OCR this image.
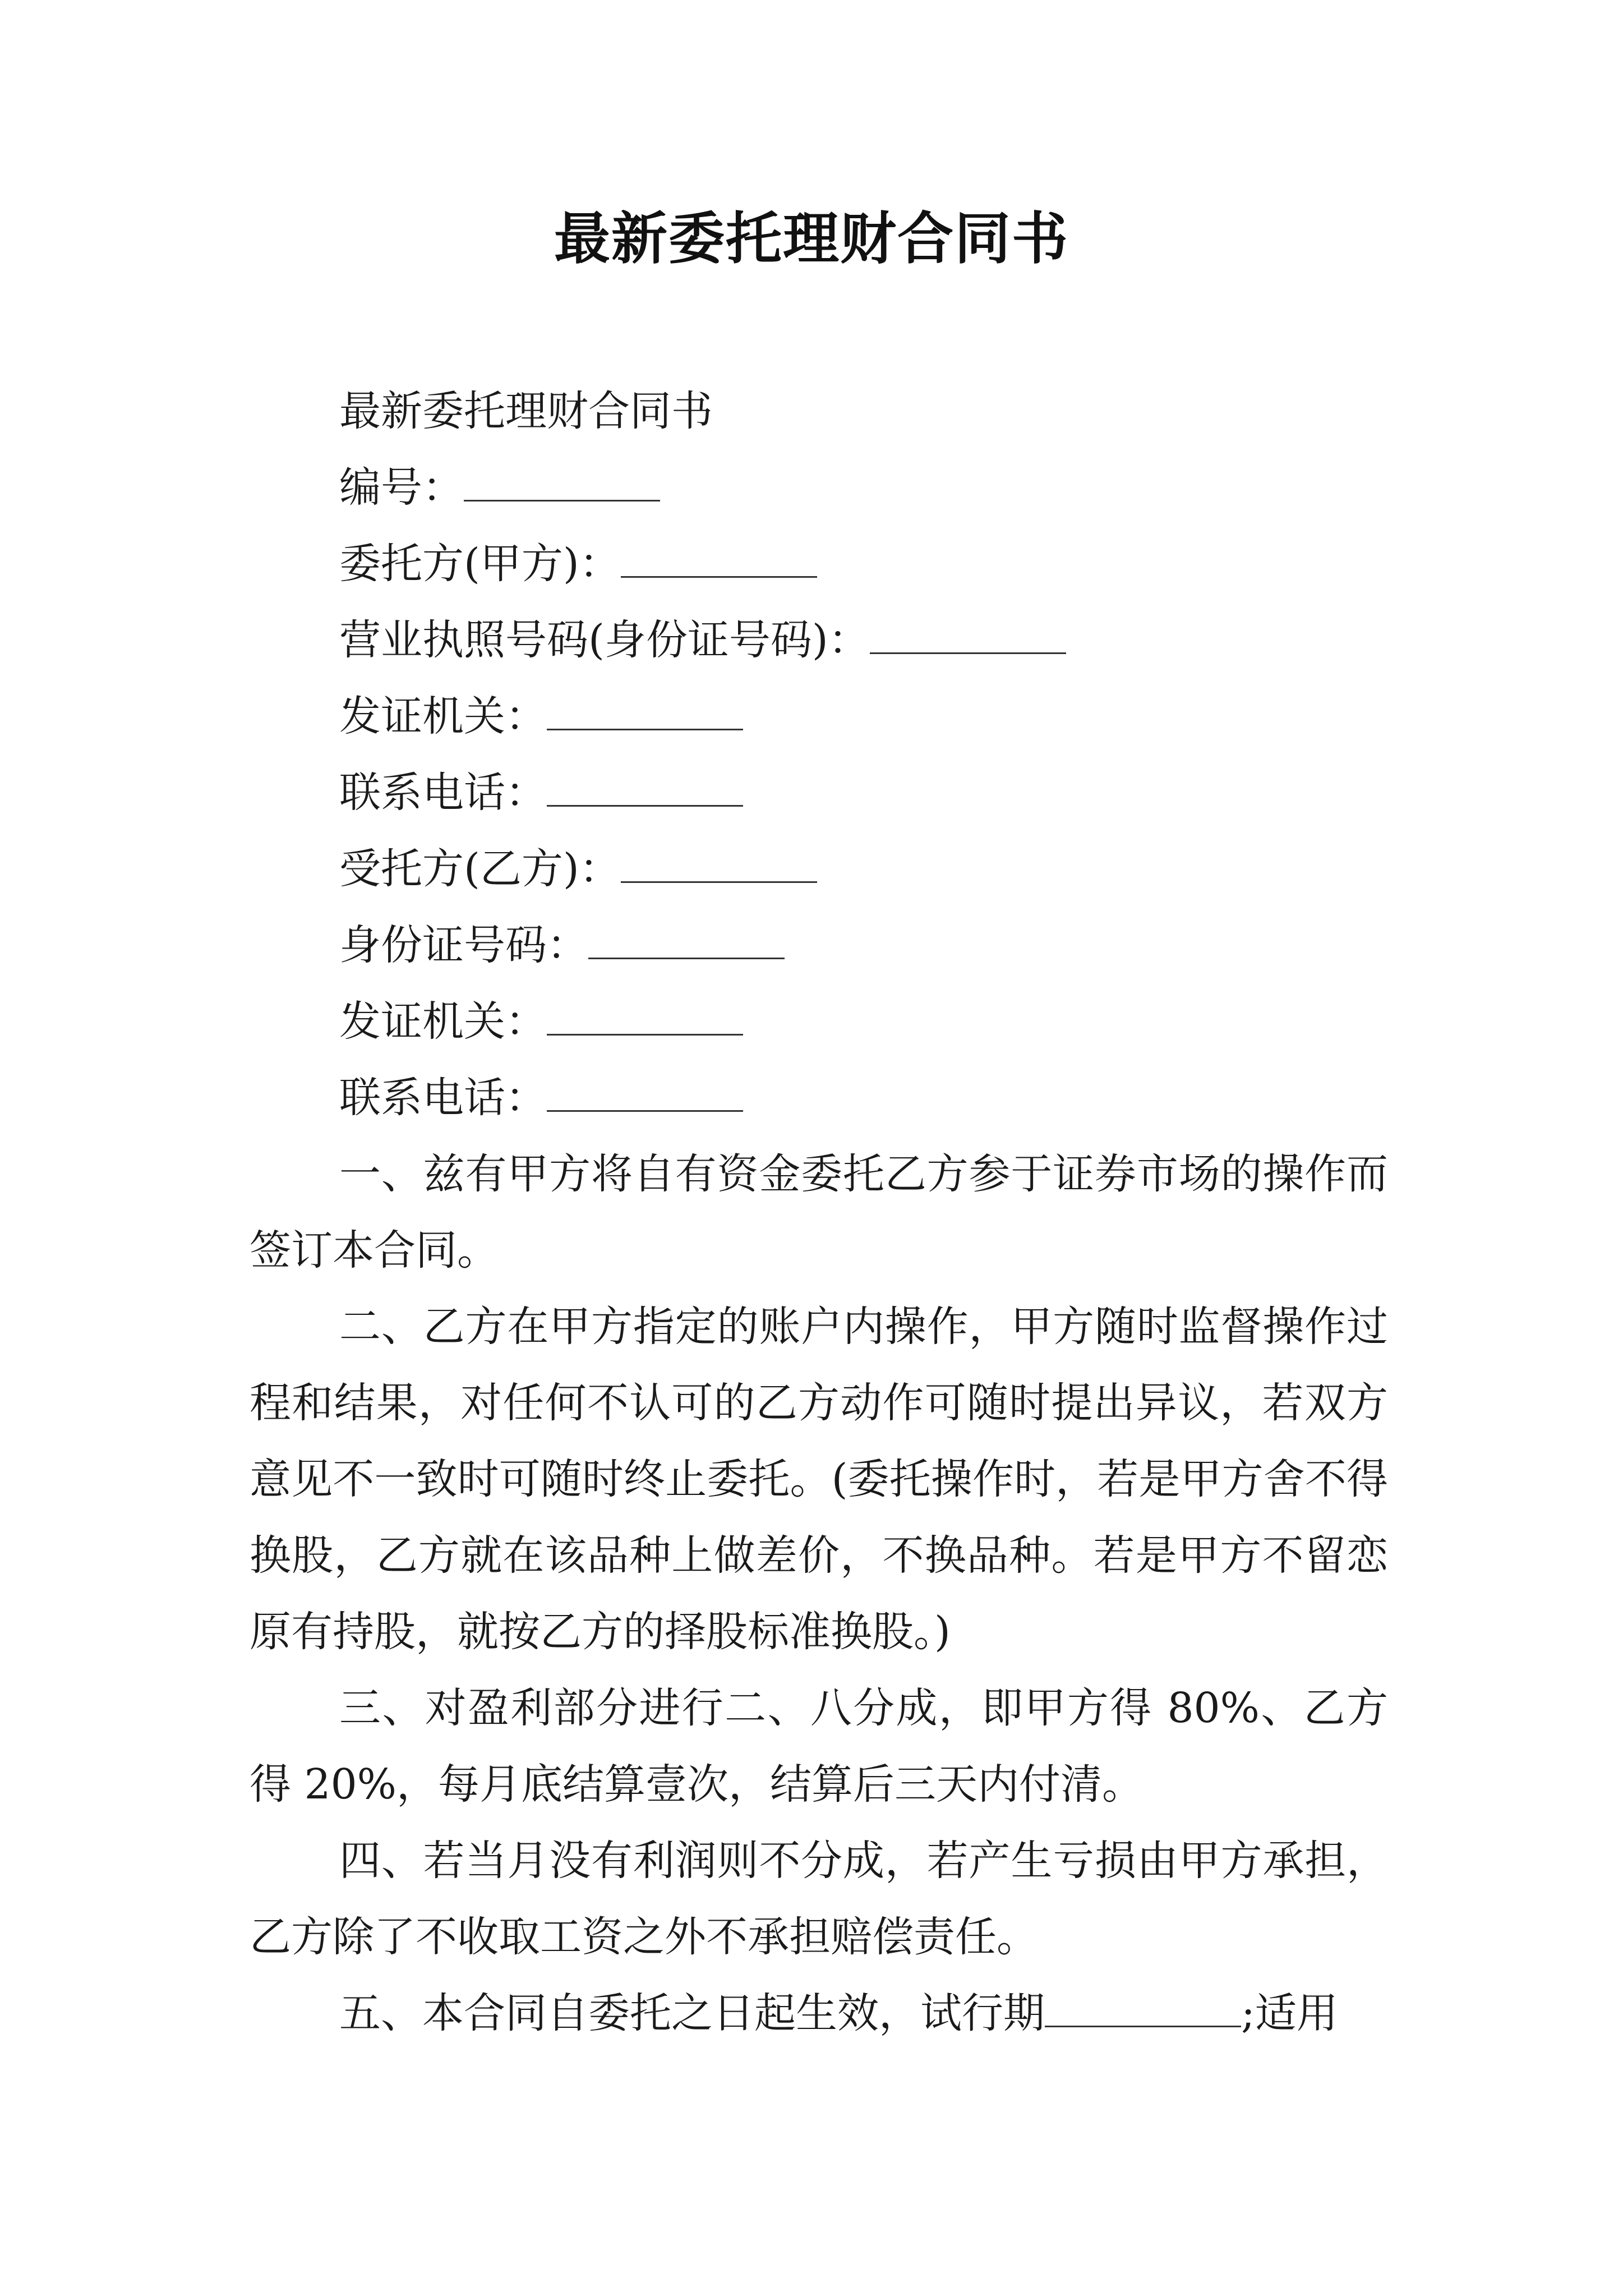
最新委托理财合同书
最新委托理财合同书
编号：
委托方(甲方)：
营业执照号码(身份证号码)：
发证机关：
联系电话：
受托方(乙方)：
身份证号码：
发证机关：
联系电话：
一、兹有甲方将自有资金委托乙方参于证券市场的操作而签订本合同。
二、乙方在甲方指定的账户内操作，甲方随时监督操作过程和结果，对任何不认可的乙方动作可随时提出异议，若双方意见不一致时可随时终止委托。(委托操作时，若是甲方舍不得换股，乙方就在该品种上做差价，不换品种。若是甲方不留恋原有持股，就按乙方的择股标准换股。)
三、对盈利部分进行二、八分成，即甲方得 80%、乙方得 20%，每月底结算壹次，结算后三天内付清。
四、若当月没有利润则不分成，若产生亏损由甲方承担，乙方除了不收取工资之外不承担赔偿责任。
五、本合同自委托之日起生效，试行期	;适用
